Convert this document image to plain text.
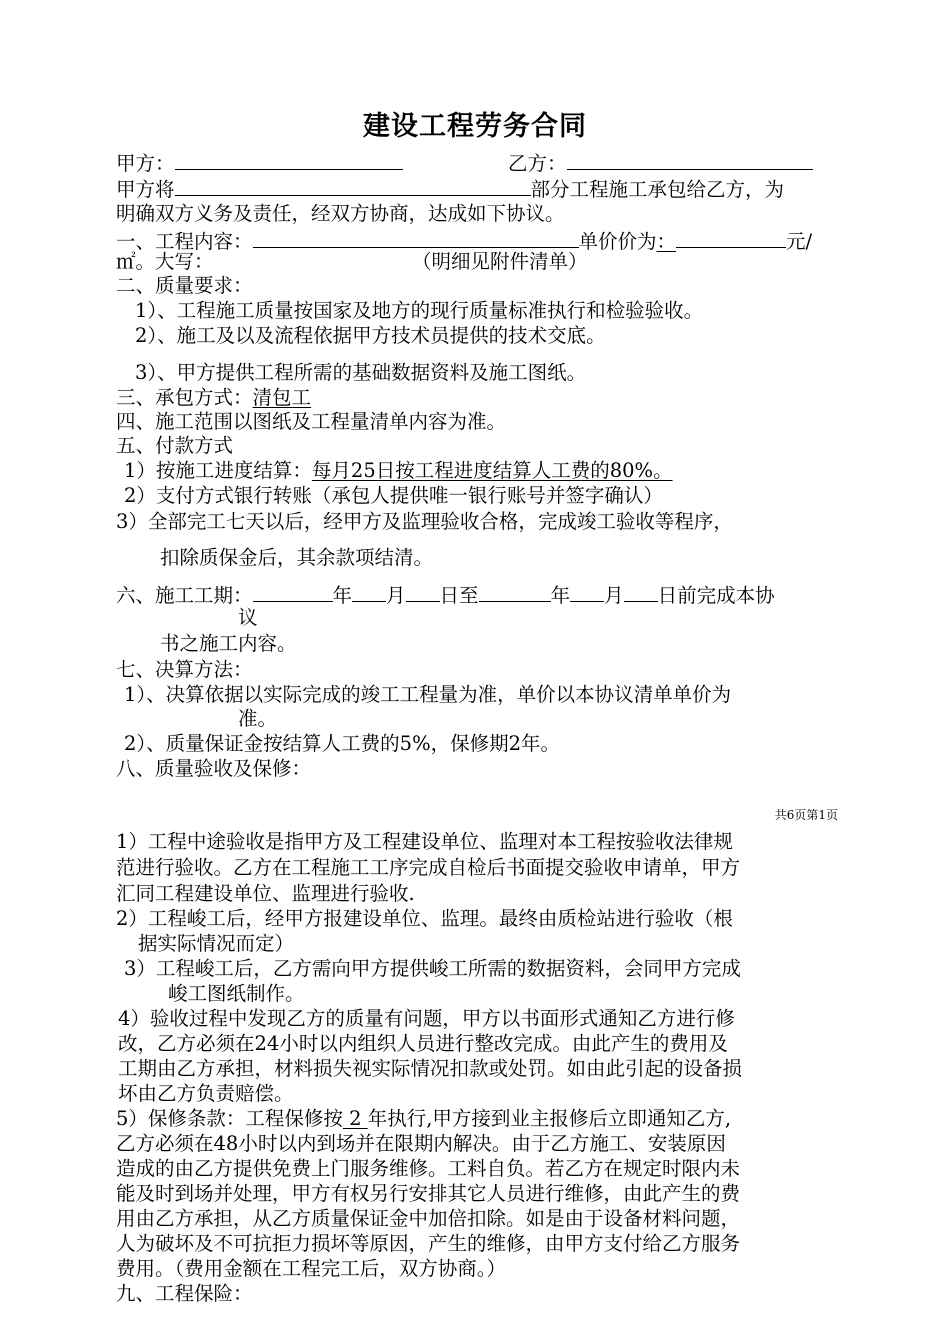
建设工程劳务合同
甲方：	乙方：
甲方将	部分工程施工承包给乙方，为
明确双方义务及责任，经双方协商，达成如下协议。
一、工程内容：	单价价为：	元/
㎡。大写：	（明细见附件清单）
二、质量要求：
1）、工程施工质量按国家及地方的现行质量标准执行和检验验收。
2）、施工及以及流程依据甲方技术员提供的技术交底。
3）、甲方提供工程所需的基础数据资料及施工图纸。
三、承包方式：清包工
四、施工范围以图纸及工程量清单内容为准。
五、付款方式
1）按施工进度结算：每月25日按工程进度结算人工费的80%。
2）支付方式银行转账（承包人提供唯一银行账号并签字确认）
3）全部完工七天以后，经甲方及监理验收合格，完成竣工验收等程序，
扣除质保金后，其余款项结清。
六、施工工期：	年 月 日至	年 月 日前完成本协
议
书之施工内容。
七、决算方法：
1）、决算依据以实际完成的竣工工程量为准，单价以本协议清单单价为
准。
2）、质量保证金按结算人工费的5%，保修期2年。
八、质量验收及保修：
共6页第1页
1）工程中途验收是指甲方及工程建设单位、监理对本工程按验收法律规
范进行验收。乙方在工程施工工序完成自检后书面提交验收申请单，甲方
汇同工程建设单位、监理进行验收.
2）工程峻工后，经甲方报建设单位、监理。最终由质检站进行验收（根
据实际情况而定）
3）工程峻工后，乙方需向甲方提供峻工所需的数据资料，会同甲方完成
峻工图纸制作。
4）验收过程中发现乙方的质量有问题，甲方以书面形式通知乙方进行修
改，乙方必须在24小时以内组织人员进行整改完成。由此产生的费用及
工期由乙方承担，材料损失视实际情况扣款或处罚。如由此引起的设备损
坏由乙方负责赔偿。
5）保修条款：工程保修按 2 年执行,甲方接到业主报修后立即通知乙方,
乙方必须在48小时以内到场并在限期内解决。由于乙方施工、安装原因
造成的由乙方提供免费上门服务维修。工料自负。若乙方在规定时限内未
能及时到场并处理，甲方有权另行安排其它人员进行维修，由此产生的费
用由乙方承担，从乙方质量保证金中加倍扣除。如是由于设备材料问题，
人为破坏及不可抗拒力损坏等原因，产生的维修，由甲方支付给乙方服务
费用。（费用金额在工程完工后，双方协商。）
九、工程保险：
